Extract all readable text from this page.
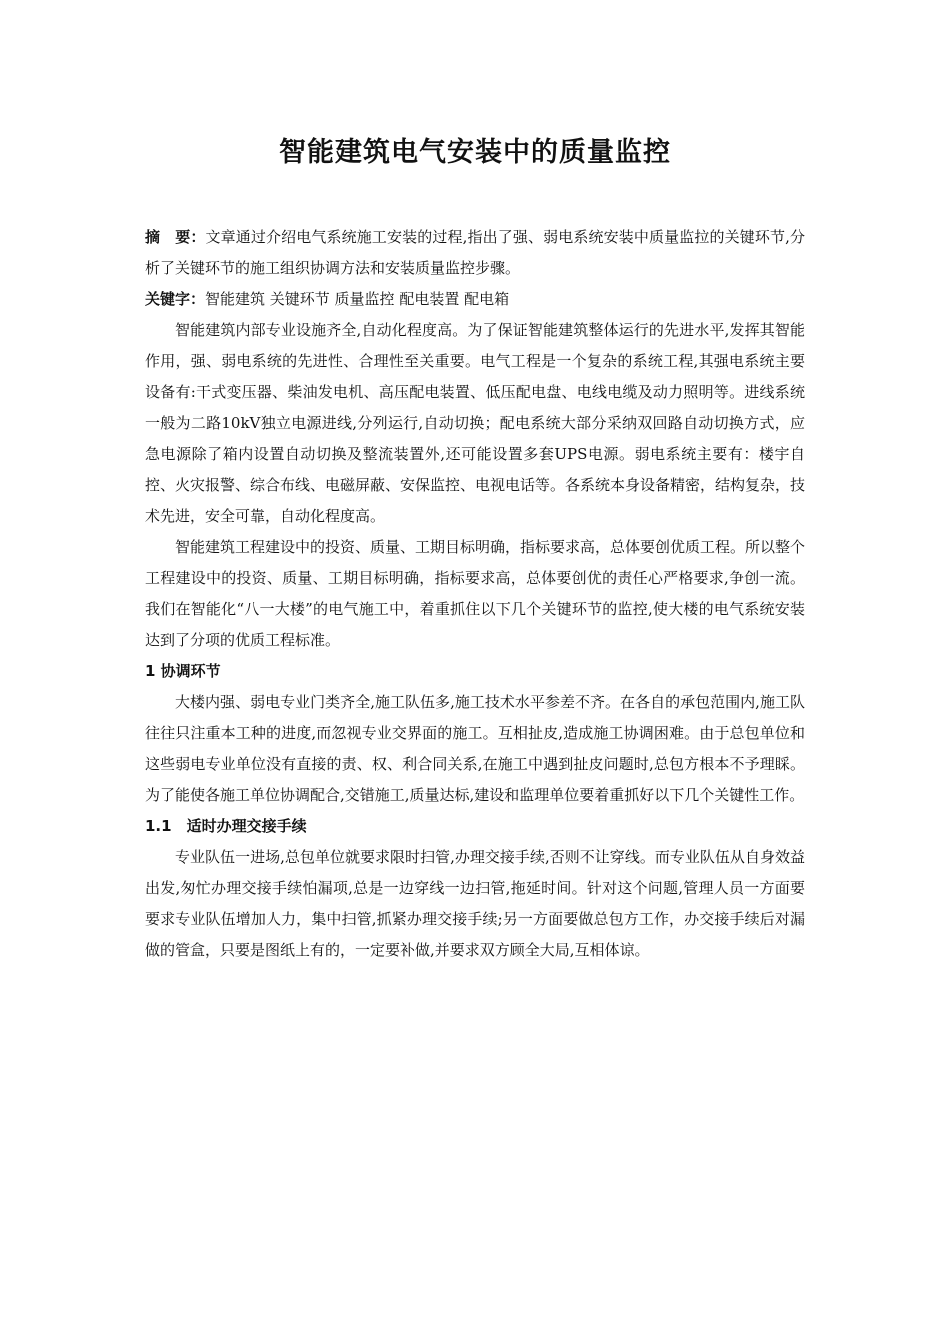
智能建筑电气安装中的质量监控

摘　要：文章通过介绍电气系统施工安装的过程,指出了强、弱电系统安装中质量监拉的关键环节,分析了关键环节的施工组织协调方法和安装质量监控步骤。

关键字：智能建筑 关键环节 质量监控 配电装置 配电箱

智能建筑内部专业设施齐全,自动化程度高。为了保证智能建筑整体运行的先进水平,发挥其智能作用，强、弱电系统的先进性、合理性至关重要。电气工程是一个复杂的系统工程,其强电系统主要设备有:干式变压器、柴油发电机、高压配电装置、低压配电盘、电线电缆及动力照明等。进线系统一般为二路10kV独立电源进线,分列运行,自动切换；配电系统大部分采纳双回路自动切换方式，应急电源除了箱内设置自动切换及整流装置外,还可能设置多套UPS电源。弱电系统主要有：楼宇自控、火灾报警、综合布线、电磁屏蔽、安保监控、电视电话等。各系统本身设备精密，结构复杂，技术先进，安全可靠，自动化程度高。

智能建筑工程建设中的投资、质量、工期目标明确，指标要求高，总体要创优质工程。所以整个工程建设中的投资、质量、工期目标明确，指标要求高，总体要创优的责任心严格要求,争创一流。我们在智能化“八一大楼”的电气施工中，着重抓住以下几个关键环节的监控,使大楼的电气系统安装达到了分项的优质工程标准。

1 协调环节

大楼内强、弱电专业门类齐全,施工队伍多,施工技术水平参差不齐。在各自的承包范围内,施工队往往只注重本工种的进度,而忽视专业交界面的施工。互相扯皮,造成施工协调困难。由于总包单位和这些弱电专业单位没有直接的责、权、利合同关系,在施工中遇到扯皮问题时,总包方根本不予理睬。为了能使各施工单位协调配合,交错施工,质量达标,建设和监理单位要着重抓好以下几个关键性工作。

1.1　适时办理交接手续

专业队伍一进场,总包单位就要求限时扫管,办理交接手续,否则不让穿线。而专业队伍从自身效益出发,匆忙办理交接手续怕漏项,总是一边穿线一边扫管,拖延时间。针对这个问题,管理人员一方面要要求专业队伍增加人力，集中扫管,抓紧办理交接手续;另一方面要做总包方工作，办交接手续后对漏做的管盒，只要是图纸上有的，一定要补做,并要求双方顾全大局,互相体谅。
